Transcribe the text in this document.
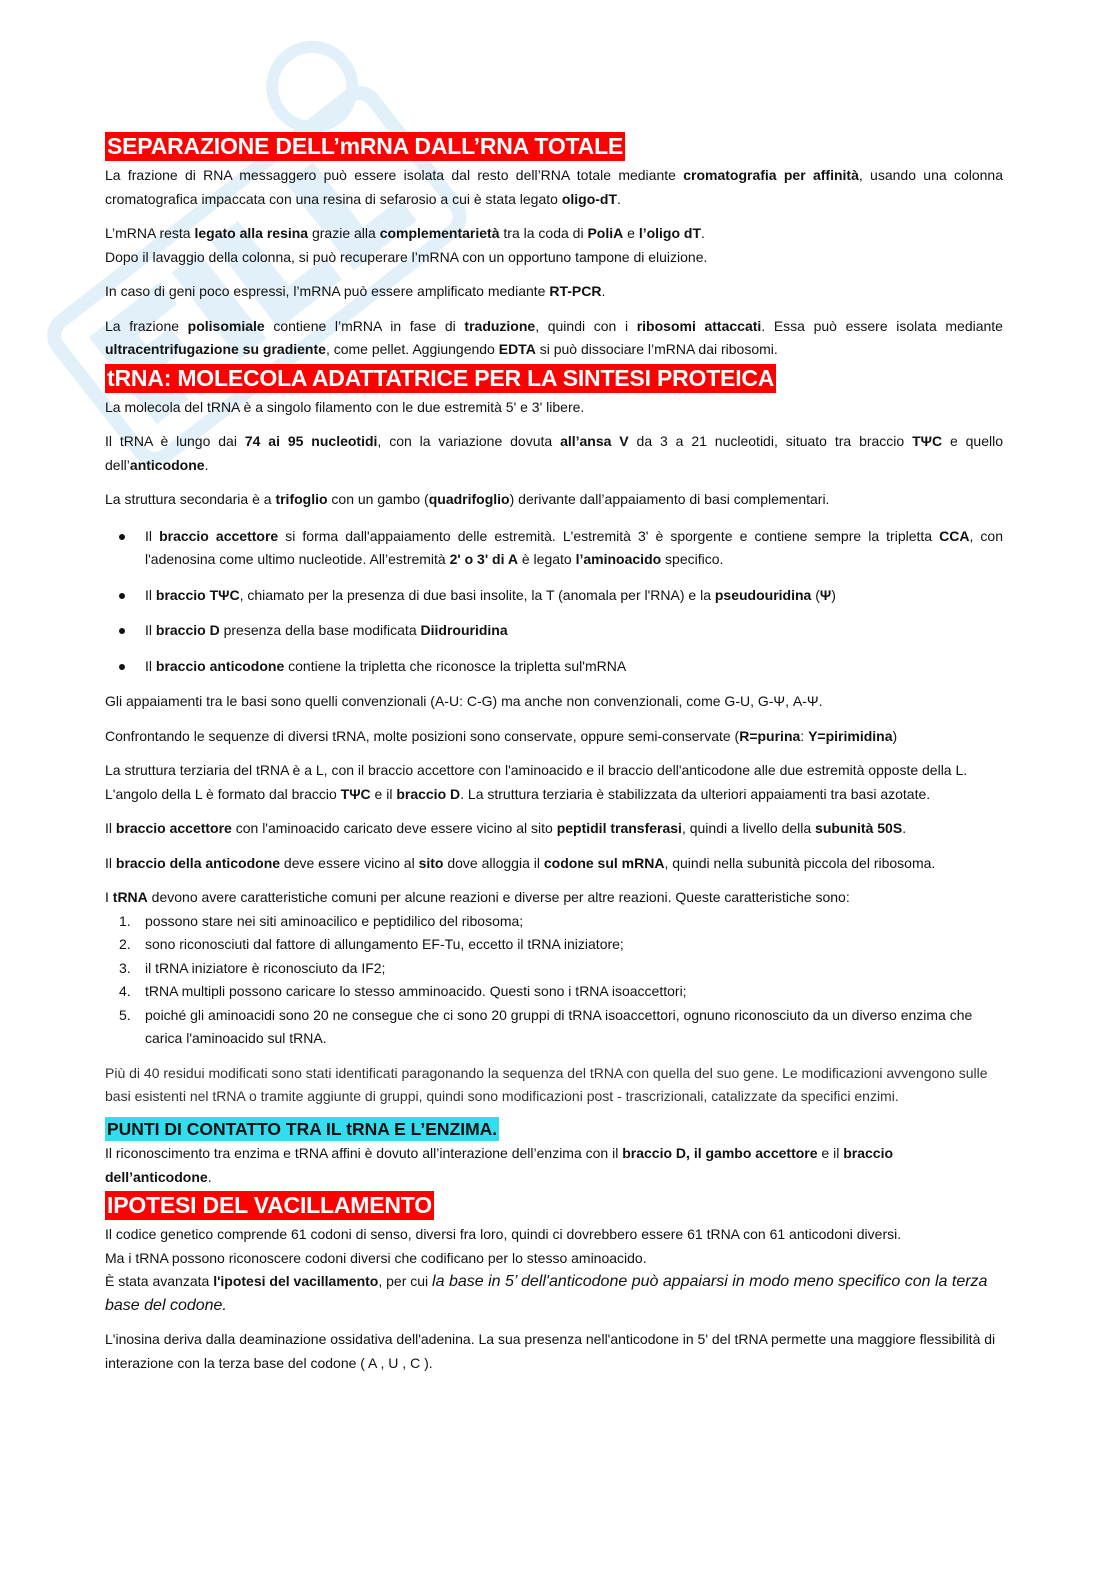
SEPARAZIONE DELL’mRNA DALL’RNA TOTALE

La frazione di RNA messaggero può essere isolata dal resto dell’RNA totale mediante cromatografia per affinità, usando una colonna cromatografica impaccata con una resina di sefarosio a cui è stata legato oligo-dT.

L’mRNA resta legato alla resina grazie alla complementarietà tra la coda di PoliA e l’oligo dT.

Dopo il lavaggio della colonna, si può recuperare l’mRNA con un opportuno tampone di eluizione.

In caso di geni poco espressi, l’mRNA può essere amplificato mediante RT-PCR.

La frazione polisomiale contiene l’mRNA in fase di traduzione, quindi con i ribosomi attaccati. Essa può essere isolata mediante ultracentrifugazione su gradiente, come pellet. Aggiungendo EDTA si può dissociare l’mRNA dai ribosomi.

tRNA: MOLECOLA ADATTATRICE PER LA SINTESI PROTEICA

La molecola del tRNA è a singolo filamento con le due estremità 5' e 3' libere.

Il tRNA è lungo dai 74 ai 95 nucleotidi, con la variazione dovuta all’ansa V da 3 a 21 nucleotidi, situato tra braccio TΨC e quello dell’anticodone.

La struttura secondaria è a trifoglio con un gambo (quadrifoglio) derivante dall’appaiamento di basi complementari.

Il braccio accettore si forma dall'appaiamento delle estremità. L'estremità 3' è sporgente e contiene sempre la tripletta CCA, con l'adenosina come ultimo nucleotide. All’estremità 2' o 3' di A è legato l’aminoacido specifico.
Il braccio TΨC, chiamato per la presenza di due basi insolite, la T (anomala per l'RNA) e la pseudouridina (Ψ)
Il braccio D presenza della base modificata Diidrouridina
Il braccio anticodone contiene la tripletta che riconosce la tripletta sul'mRNA

Gli appaiamenti tra le basi sono quelli convenzionali (A-U: C-G) ma anche non convenzionali, come G-U, G-Ψ, A-Ψ.

Confrontando le sequenze di diversi tRNA, molte posizioni sono conservate, oppure semi-conservate (R=purina: Y=pirimidina)

La struttura terziaria del tRNA è a L, con il braccio accettore con l'aminoacido e il braccio dell'anticodone alle due estremità opposte della L. L'angolo della L è formato dal braccio TΨC e il braccio D. La struttura terziaria è stabilizzata da ulteriori appaiamenti tra basi azotate.

Il braccio accettore con l'aminoacido caricato deve essere vicino al sito peptidil transferasi, quindi a livello della subunità 50S.

Il braccio della anticodone deve essere vicino al sito dove alloggia il codone sul mRNA, quindi nella subunità piccola del ribosoma.

I tRNA devono avere caratteristiche comuni per alcune reazioni e diverse per altre reazioni. Queste caratteristiche sono:

1. possono stare nei siti aminoacilico e peptidilico del ribosoma;
2. sono riconosciuti dal fattore di allungamento EF-Tu, eccetto il tRNA iniziatore;
3. il tRNA iniziatore è riconosciuto da IF2;
4. tRNA multipli possono caricare lo stesso amminoacido. Questi sono i tRNA isoaccettori;
5. poiché gli aminoacidi sono 20 ne consegue che ci sono 20 gruppi di tRNA isoaccettori, ognuno riconosciuto da un diverso enzima che carica l'aminoacido sul tRNA.

Più di 40 residui modificati sono stati identificati paragonando la sequenza del tRNA con quella del suo gene. Le modificazioni avvengono sulle basi esistenti nel tRNA o tramite aggiunte di gruppi, quindi sono modificazioni post - trascrizionali, catalizzate da specifici enzimi.

PUNTI DI CONTATTO TRA IL tRNA E L’ENZIMA.

Il riconoscimento tra enzima e tRNA affini è dovuto all’interazione dell’enzima con il braccio D, il gambo accettore e il braccio dell’anticodone.

IPOTESI DEL VACILLAMENTO

Il codice genetico comprende 61 codoni di senso, diversi fra loro, quindi ci dovrebbero essere 61 tRNA con 61 anticodoni diversi.

Ma i tRNA possono riconoscere codoni diversi che codificano per lo stesso aminoacido.

È stata avanzata l'ipotesi del vacillamento, per cui la base in 5’ dell'anticodone può appaiarsi in modo meno specifico con la terza base del codone.

L'inosina deriva dalla deaminazione ossidativa dell'adenina. La sua presenza nell'anticodone in 5' del tRNA permette una maggiore flessibilità di interazione con la terza base del codone ( A , U , C ).
